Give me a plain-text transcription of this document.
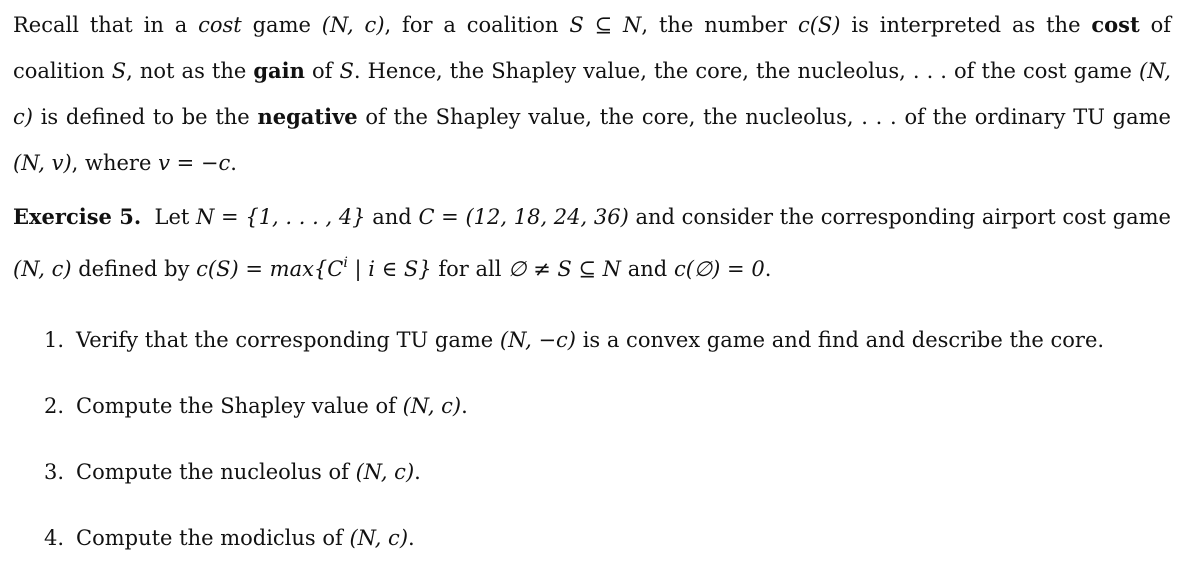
Recall that in a cost game (N, c), for a coalition S ⊆ N, the number c(S) is interpreted as the cost of coalition S, not as the gain of S. Hence, the Shapley value, the core, the nucleolus, . . . of the cost game (N, c) is defined to be the negative of the Shapley value, the core, the nucleolus, . . . of the ordinary TU game (N, v), where v = −c.

Exercise 5. Let N = {1, . . . , 4} and C = (12, 18, 24, 36) and consider the corresponding airport cost game (N, c) defined by $c(S) = \max\{C^i$ | i ∈ S} for all ∅ ≠ S ⊆ N and c(∅) = 0.

1. Verify that the corresponding TU game (N, −c) is a convex game and find and describe the core.
2. Compute the Shapley value of (N, c).
3. Compute the nucleolus of (N, c).
4. Compute the modiclus of (N, c).
